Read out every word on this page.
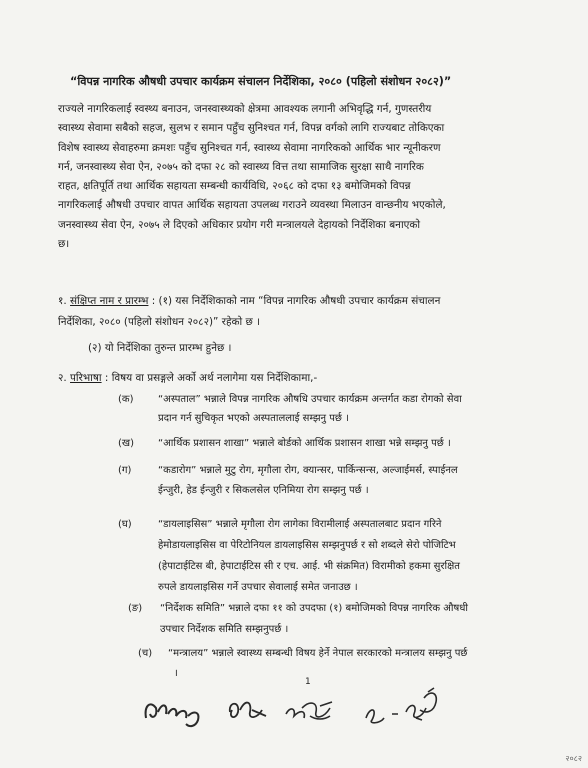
“विपन्न नागरिक औषधी उपचार कार्यक्रम संचालन निर्देशिका, २०८० (पहिलो संशोधन २०८२)”
राज्यले नागरिकलाई स्वस्थ्य बनाउन, जनस्वास्थ्यको क्षेत्रमा आवश्यक लगानी अभिवृद्धि गर्न, गुणस्तरीय
स्वास्थ्य सेवामा सबैको सहज, सुलभ र समान पहुँच सुनिश्चत गर्न, विपन्न वर्गको लागि राज्यबाट तोकिएका
विशेष स्वास्थ्य सेवाहरुमा क्रमशः पहुँच सुनिश्चत गर्न, स्वास्थ्य सेवामा नागरिकको आर्थिक भार न्यूनीकरण
गर्न, जनस्वास्थ्य सेवा ऐन, २०७५ को दफा २८ को स्वास्थ्य वित्त तथा सामाजिक सुरक्षा साथै नागरिक
राहत, क्षतिपूर्ति तथा आर्थिक सहायता सम्बन्धी कार्यविधि, २०६८ को दफा १३ बमोजिमको विपन्न
नागरिकलाई औषधी उपचार वापत आर्थिक सहायता उपलब्ध गराउने व्यवस्था मिलाउन वान्छनीय भएकोले,
जनस्वास्थ्य सेवा ऐन, २०७५ ले दिएको अधिकार प्रयोग गरी मन्त्रालयले देहायको निर्देशिका बनाएको
छ।
१. संक्षिप्त नाम र प्रारम्भ : (१) यस निर्देशिकाको नाम “विपन्न नागरिक औषधी उपचार कार्यक्रम संचालन
निर्देशिका, २०८० (पहिलो संशोधन २०८२)” रहेको छ ।
(२) यो निर्देशिका तुरुन्त प्रारम्भ हुनेछ ।
२. परिभाषा : विषय वा प्रसङ्गले अर्को अर्थ नलागेमा यस निर्देशिकामा,-
(क) “अस्पताल” भन्नाले विपन्न नागरिक औषधि उपचार कार्यक्रम अन्तर्गत कडा रोगको सेवा
प्रदान गर्न सुचिकृत भएको अस्पताललाई सम्झनु पर्छ ।
(ख) “आर्थिक प्रशासन शाखा” भन्नाले बोर्डको आर्थिक प्रशासन शाखा भन्ने सम्झनु पर्छ ।
(ग)	“कडारोग” भन्नाले मुटु रोग, मृगौला रोग, क्यान्सर, पार्किन्सन्स, अल्जाईमर्स, स्पाईनल
ईन्जुरी, हेड ईन्जुरी र सिकलसेल एनिमिया रोग सम्झनु पर्छ ।
(घ)	“डायलाइसिस” भन्नाले मृगौला रोग लागेका विरामीलाई अस्पतालबाट प्रदान गरिने
हेमोडायलाइसिस वा पेरिटोनियल डायलाइसिस सम्झनुपर्छ र सो शब्दले सेरो पोजिटिभ
(हेपाटाईटिस बी, हेपाटाईटिस सी र एच. आई. भी संक्रमित) विरामीको हकमा सुरक्षित
रुपले डायलाइसिस गर्ने उपचार सेवालाई समेत जनाउछ ।
(ङ) “निर्देशक समिति” भन्नाले दफा ११ को उपदफा (१) बमोजिमको विपन्न नागरिक औषधी
उपचार निर्देशक समिति सम्झनुपर्छ ।
(च) “मन्त्रालय” भन्नाले स्वास्थ्य सम्बन्धी विषय हेर्ने नेपाल सरकारको मन्त्रालय सम्झनु पर्छ
।
1
२०८२
